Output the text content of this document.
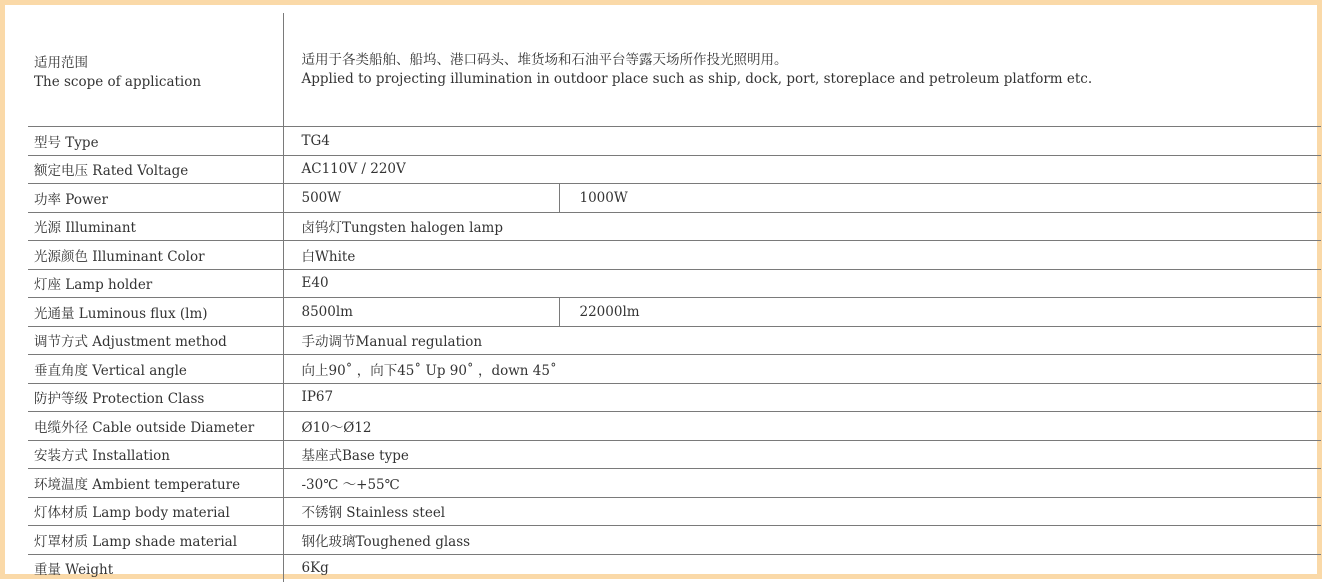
适用范围
The scope of application	适用于各类船舶、船坞、港口码头、堆货场和石油平台等露天场所作投光照明用。
Applied to projecting illumination in outdoor place such as ship, dock, port, storeplace and petroleum platform etc.	

型号 Type	TG4	
额定电压 Rated Voltage	AC110V / 220V	
功率 Power	500W	1000W
光源 Illuminant	卤钨灯Tungsten halogen lamp	
光源颜色 Illuminant Color	白White	
灯座 Lamp holder	E40	
光通量 Luminous flux (lm)	8500lm	22000lm
调节方式 Adjustment method	手动调节Manual regulation	
垂直角度 Vertical angle	向上90˚ ，向下45˚ Up 90˚ ，down 45˚	
防护等级 Protection Class	IP67	
电缆外径 Cable outside Diameter	Ø10～Ø12	
安装方式 Installation	基座式Base type	
环境温度 Ambient temperature	-30℃ ～+55℃	
灯体材质 Lamp body material	不锈钢 Stainless steel	
灯罩材质 Lamp shade material	钢化玻璃Toughened glass	
重量 Weight	6Kg	
